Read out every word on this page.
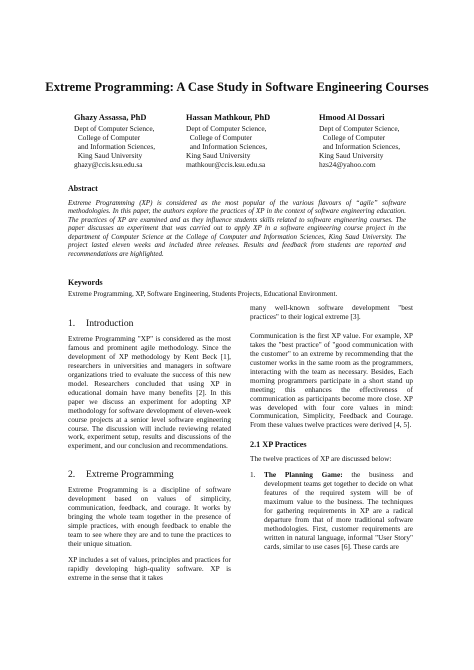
Extreme Programming: A Case Study in Software Engineering Courses
Ghazy Assassa, PhD
Dept of Computer Science,
College of Computer
and Information Sciences,
King Saud University
ghazy@ccis.ksu.edu.sa
Hassan Mathkour, PhD
Dept of Computer Science,
College of Computer
and Information Sciences,
King Saud University
mathkour@ccis.ksu.edu.sa
Hmood Al Dossari
Dept of Computer Science,
College of Computer
and Information Sciences,
King Saud University
hzs24@yahoo.com
Abstract
Extreme Programming (XP) is considered as the most popular of the various flavours of “agile” software methodologies. In this paper, the authors explore the practices of XP in the context of software engineering education. The practices of XP are examined and as they influence students skills related to software engineering courses. The paper discusses an experiment that was carried out to apply XP in a software engineering course project in the department of Computer Science at the College of Computer and Information Sciences, King Saud University. The project lasted eleven weeks and included three releases. Results and feedback from students are reported and recommendations are highlighted.
Keywords
Extreme Programming, XP, Software Engineering, Students Projects, Educational Environment.
1. Introduction

Extreme Programming "XP" is considered as the most famous and prominent agile methodology. Since the development of XP methodology by Kent Beck [1], researchers in universities and managers in software organizations tried to evaluate the success of this new model. Researchers concluded that using XP in educational domain have many benefits [2]. In this paper we discuss an experiment for adopting XP methodology for software development of eleven-week course projects at a senior level software engineering course. The discussion will include reviewing related work, experiment setup, results and discussions of the experiment, and our conclusion and recommendations.

2. Extreme Programming

Extreme Programming is a discipline of software development based on values of simplicity, communication, feedback, and courage. It works by bringing the whole team together in the presence of simple practices, with enough feedback to enable the team to see where they are and to tune the practices to their unique situation.

XP includes a set of values, principles and practices for rapidly developing high-quality software. XP is extreme in the sense that it takes

many well-known software development "best practices" to their logical extreme [3].

Communication is the first XP value. For example, XP takes the "best practice" of "good communication with the customer" to an extreme by recommending that the customer works in the same room as the programmers, interacting with the team as necessary. Besides, Each morning programmers participate in a short stand up meeting; this enhances the effectiveness of communication as participants become more close. XP was developed with four core values in mind: Communication, Simplicity, Feedback and Courage. From these values twelve practices were derived [4, 5].

2.1 XP Practices

The twelve practices of XP are discussed below:

1.	The Planning Game: the business and development teams get together to decide on what features of the required system will be of maximum value to the business. The techniques for gathering requirements in XP are a radical departure from that of more traditional software methodologies. First, customer requirements are written in natural language, informal "User Story" cards, similar to use cases [6]. These cards are
